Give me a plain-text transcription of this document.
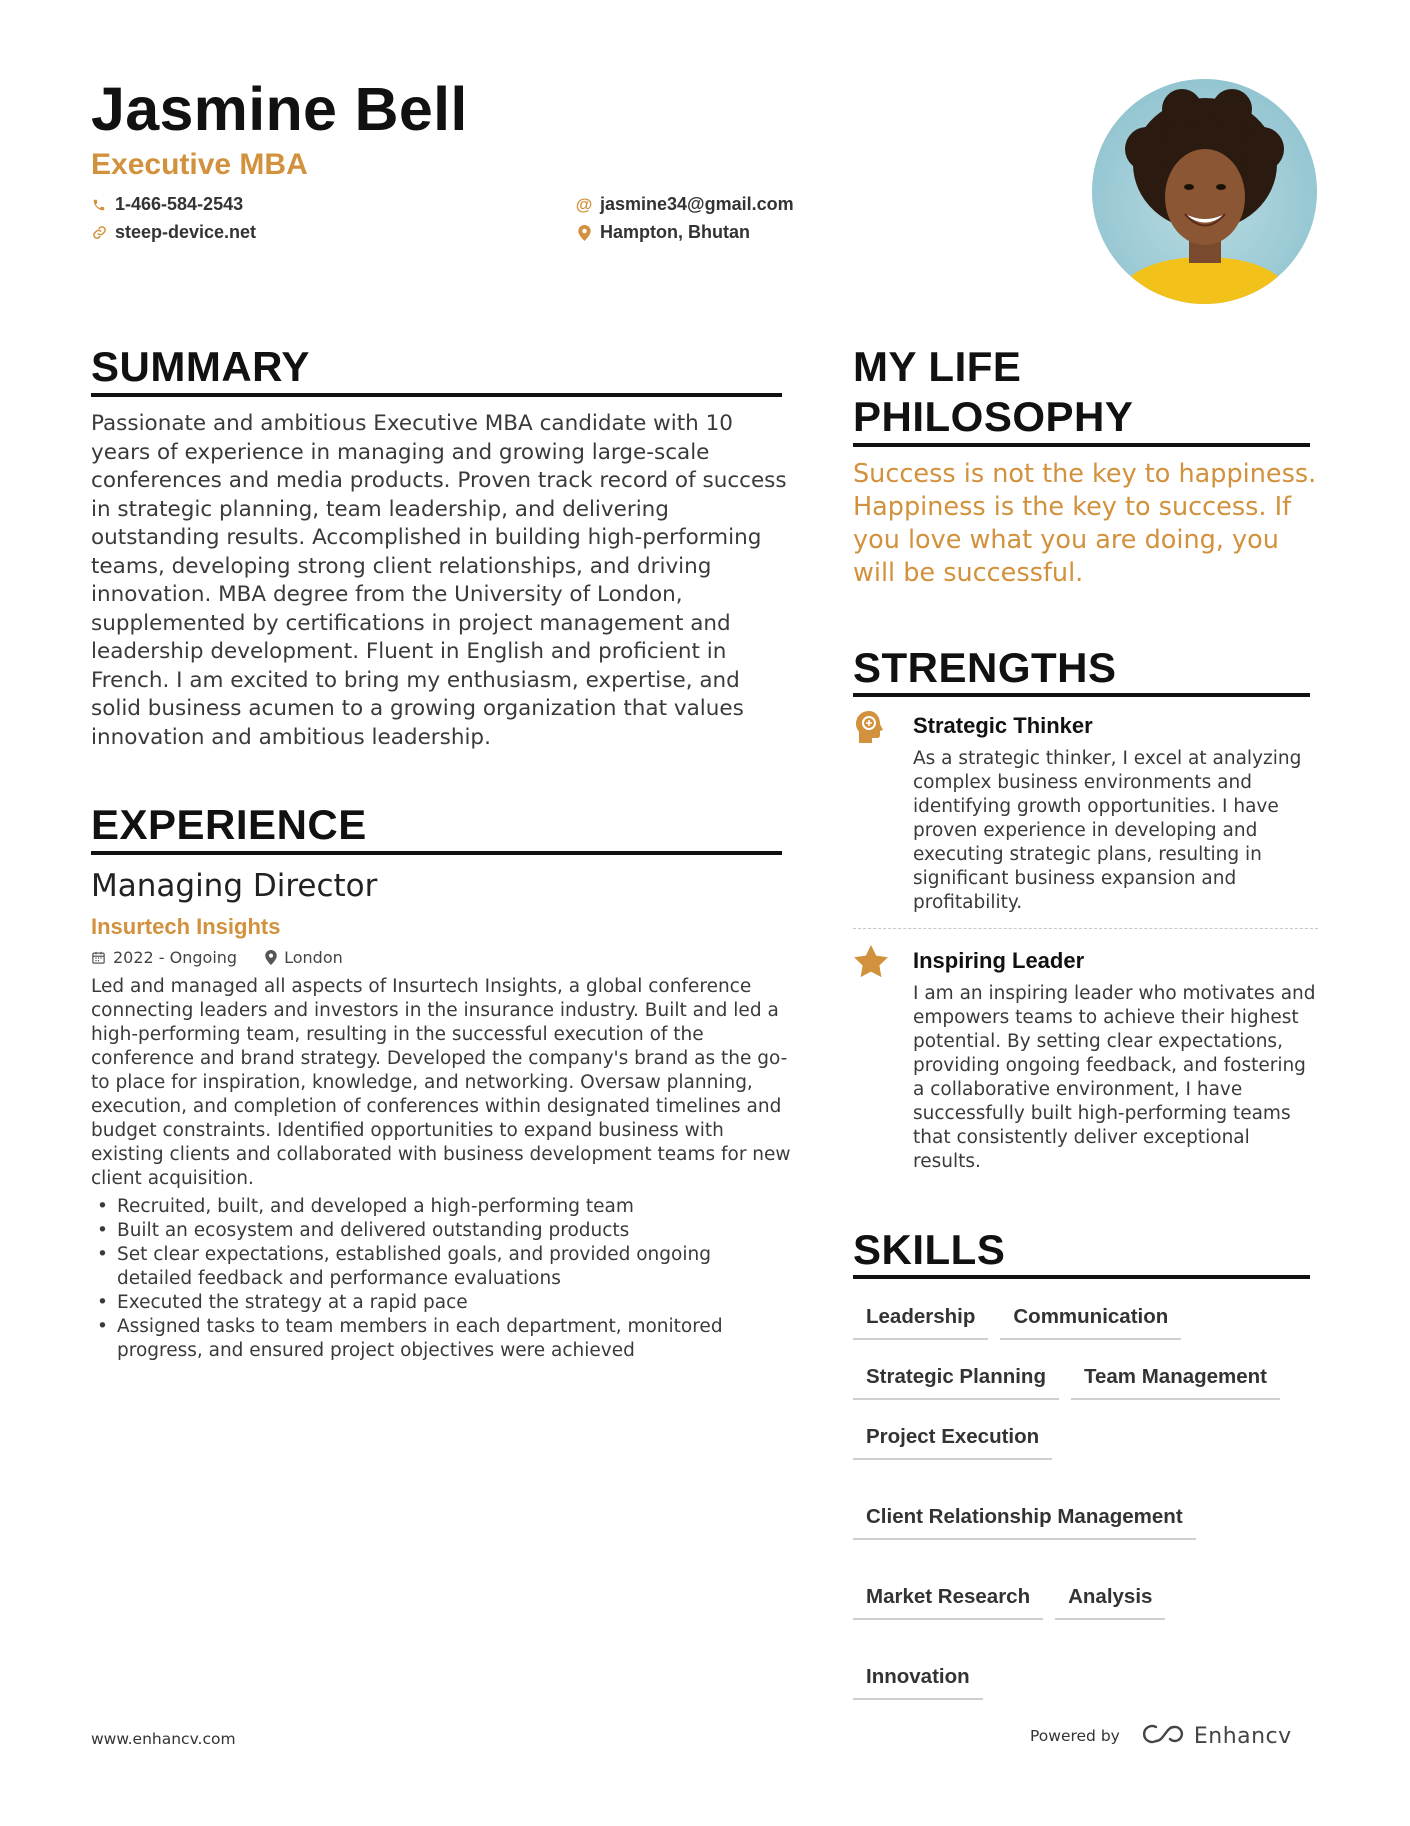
Jasmine Bell
Executive MBA
1-466-584-2543
steep-device.net
@ jasmine34@gmail.com
Hampton, Bhutan
SUMMARY
Passionate and ambitious Executive MBA candidate with 10 years of experience in managing and growing large-scale conferences and media products. Proven track record of success in strategic planning, team leadership, and delivering outstanding results. Accomplished in building high-performing teams, developing strong client relationships, and driving innovation. MBA degree from the University of London, supplemented by certifications in project management and leadership development. Fluent in English and proficient in French. I am excited to bring my enthusiasm, expertise, and solid business acumen to a growing organization that values innovation and ambitious leadership.
EXPERIENCE
Managing Director
Insurtech Insights
2022 - Ongoing	London
Led and managed all aspects of Insurtech Insights, a global conference connecting leaders and investors in the insurance industry. Built and led a high-performing team, resulting in the successful execution of the conference and brand strategy. Developed the company's brand as the go-to place for inspiration, knowledge, and networking. Oversaw planning, execution, and completion of conferences within designated timelines and budget constraints. Identified opportunities to expand business with existing clients and collaborated with business development teams for new client acquisition.
• Recruited, built, and developed a high-performing team
• Built an ecosystem and delivered outstanding products
• Set clear expectations, established goals, and provided ongoing detailed feedback and performance evaluations
• Executed the strategy at a rapid pace
• Assigned tasks to team members in each department, monitored progress, and ensured project objectives were achieved
MY LIFE
PHILOSOPHY
Success is not the key to happiness. Happiness is the key to success. If you love what you are doing, you will be successful.
STRENGTHS
Strategic Thinker
As a strategic thinker, I excel at analyzing complex business environments and identifying growth opportunities. I have proven experience in developing and executing strategic plans, resulting in significant business expansion and profitability.
Inspiring Leader
I am an inspiring leader who motivates and empowers teams to achieve their highest potential. By setting clear expectations, providing ongoing feedback, and fostering a collaborative environment, I have successfully built high-performing teams that consistently deliver exceptional results.
SKILLS
Leadership	Communication
Strategic Planning	Team Management
Project Execution
Client Relationship Management
Market Research	Analysis
Innovation
www.enhancv.com	Powered by	Enhancv
